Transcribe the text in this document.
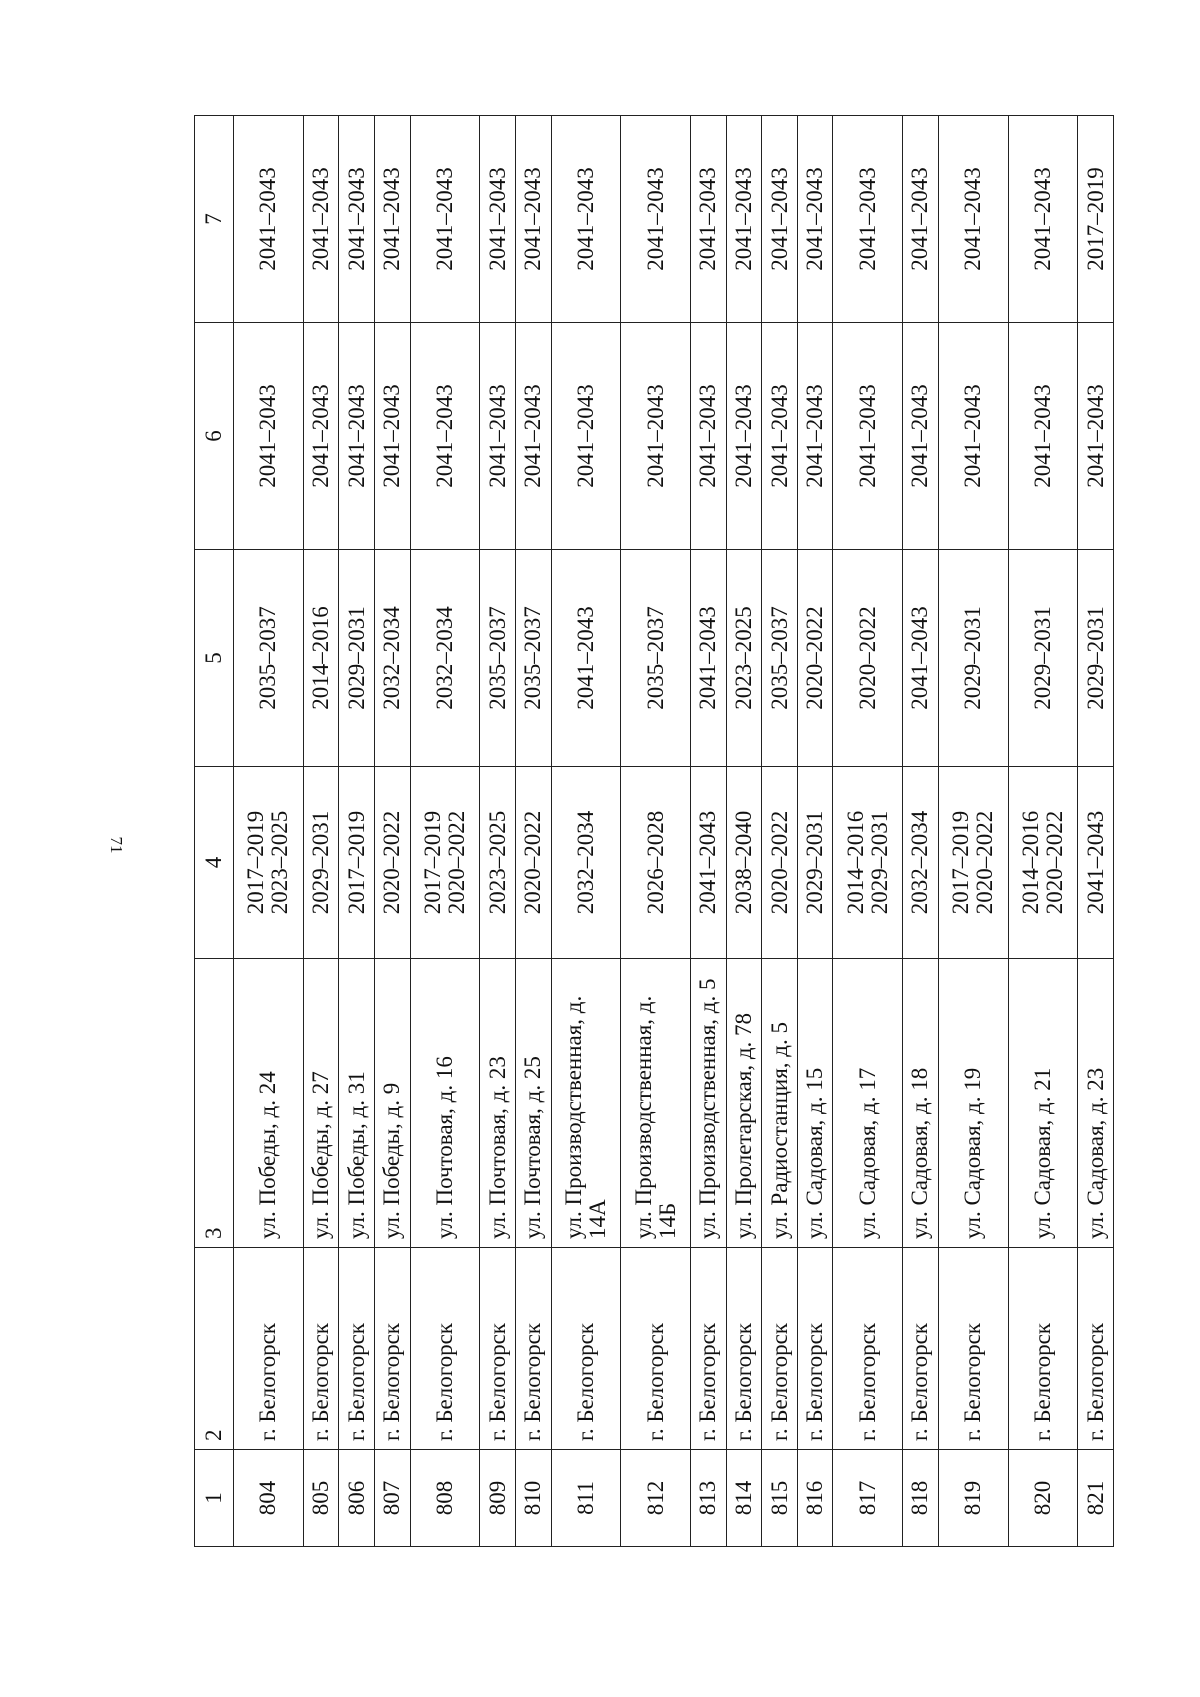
71
1	2	3	4	5	6	7
804	г. Белогорск	ул. Победы, д. 24	2017–2019 2023–2025	2035–2037	2041–2043	2041–2043
805	г. Белогорск	ул. Победы, д. 27	2029–2031	2014–2016	2041–2043	2041–2043
806	г. Белогорск	ул. Победы, д. 31	2017–2019	2029–2031	2041–2043	2041–2043
807	г. Белогорск	ул. Победы, д. 9	2020–2022	2032–2034	2041–2043	2041–2043
808	г. Белогорск	ул. Почтовая, д. 16	2017–2019 2020–2022	2032–2034	2041–2043	2041–2043
809	г. Белогорск	ул. Почтовая, д. 23	2023–2025	2035–2037	2041–2043	2041–2043
810	г. Белогорск	ул. Почтовая, д. 25	2020–2022	2035–2037	2041–2043	2041–2043
811	г. Белогорск	ул. Производственная, д. 14А	2032–2034	2041–2043	2041–2043	2041–2043
812	г. Белогорск	ул. Производственная, д. 14Б	2026–2028	2035–2037	2041–2043	2041–2043
813	г. Белогорск	ул. Производственная, д. 5	2041–2043	2041–2043	2041–2043	2041–2043
814	г. Белогорск	ул. Пролетарская, д. 78	2038–2040	2023–2025	2041–2043	2041–2043
815	г. Белогорск	ул. Радиостанция, д. 5	2020–2022	2035–2037	2041–2043	2041–2043
816	г. Белогорск	ул. Садовая, д. 15	2029–2031	2020–2022	2041–2043	2041–2043
817	г. Белогорск	ул. Садовая, д. 17	2014–2016 2029–2031	2020–2022	2041–2043	2041–2043
818	г. Белогорск	ул. Садовая, д. 18	2032–2034	2041–2043	2041–2043	2041–2043
819	г. Белогорск	ул. Садовая, д. 19	2017–2019 2020–2022	2029–2031	2041–2043	2041–2043
820	г. Белогорск	ул. Садовая, д. 21	2014–2016 2020–2022	2029–2031	2041–2043	2041–2043
821	г. Белогорск	ул. Садовая, д. 23	2041–2043	2029–2031	2041–2043	2017–2019
